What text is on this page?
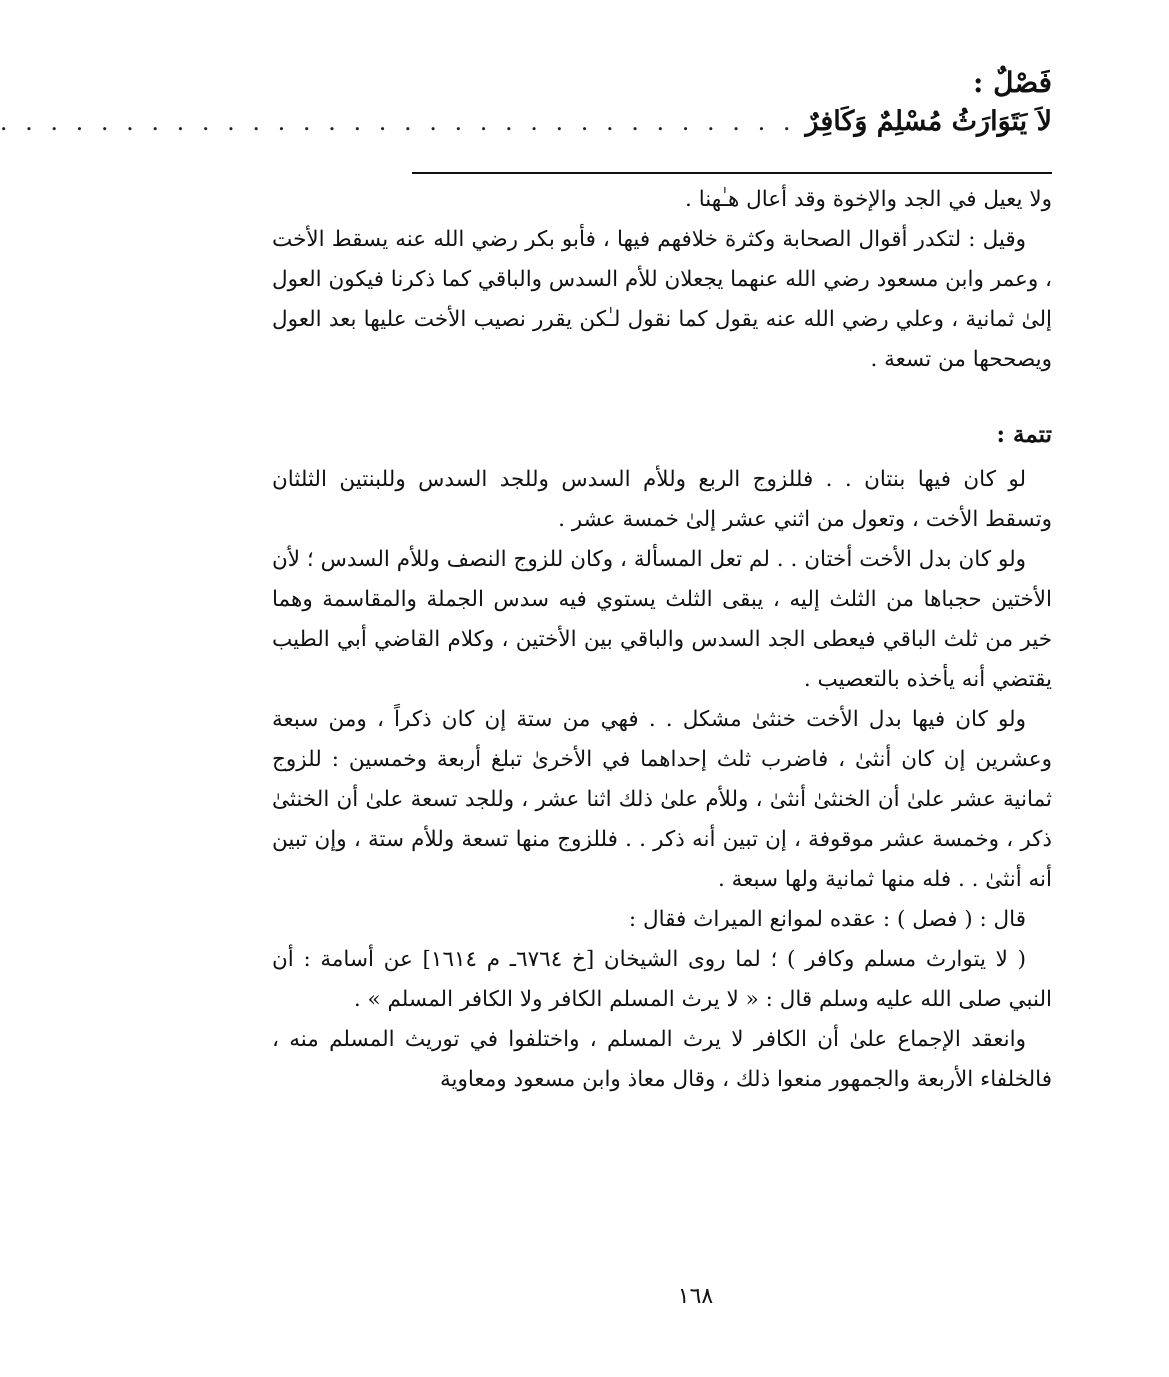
فَصْلٌ :

لاَ يَتَوَارَثُ مُسْلِمٌ وَكَافِرٌ
. . . . . . . . . . . . . . . . . . . . . . . . . . . . . . . .

ولا يعيل في الجد والإخوة وقد أعال هـٰهنا .

وقيل : لتكدر أقوال الصحابة وكثرة خلافهم فيها ، فأبو بكر رضي الله عنه يسقط الأخت ، وعمر وابن مسعود رضي الله عنهما يجعلان للأم السدس والباقي كما ذكرنا فيكون العول إلىٰ ثمانية ، وعلي رضي الله عنه يقول كما نقول لـٰكن يقرر نصيب الأخت عليها بعد العول ويصححها من تسعة .

تتمة :

لو كان فيها بنتان . . فللزوج الربع وللأم السدس وللجد السدس وللبنتين الثلثان وتسقط الأخت ، وتعول من اثني عشر إلىٰ خمسة عشر .

ولو كان بدل الأخت أختان . . لم تعل المسألة ، وكان للزوج النصف وللأم السدس ؛ لأن الأختين حجباها من الثلث إليه ، يبقى الثلث يستوي فيه سدس الجملة والمقاسمة وهما خير من ثلث الباقي فيعطى الجد السدس والباقي بين الأختين ، وكلام القاضي أبي الطيب يقتضي أنه يأخذه بالتعصيب .

ولو كان فيها بدل الأخت خنثىٰ مشكل . . فهي من ستة إن كان ذكراً ، ومن سبعة وعشرين إن كان أنثىٰ ، فاضرب ثلث إحداهما في الأخرىٰ تبلغ أربعة وخمسين : للزوج ثمانية عشر علىٰ أن الخنثىٰ أنثىٰ ، وللأم علىٰ ذلك اثنا عشر ، وللجد تسعة علىٰ أن الخنثىٰ ذكر ، وخمسة عشر موقوفة ، إن تبين أنه ذكر . . فللزوج منها تسعة وللأم ستة ، وإن تبين أنه أنثىٰ . . فله منها ثمانية ولها سبعة .

قال : ( فصل ) : عقده لموانع الميراث فقال :

( لا يتوارث مسلم وكافر ) ؛ لما روى الشيخان [خ ٦٧٦٤ـ م ١٦١٤] عن أسامة : أن النبي صلى الله عليه وسلم قال : « لا يرث المسلم الكافر ولا الكافر المسلم » .

وانعقد الإجماع علىٰ أن الكافر لا يرث المسلم ، واختلفوا في توريث المسلم منه ، فالخلفاء الأربعة والجمهور منعوا ذلك ، وقال معاذ وابن مسعود ومعاوية

١٦٨
